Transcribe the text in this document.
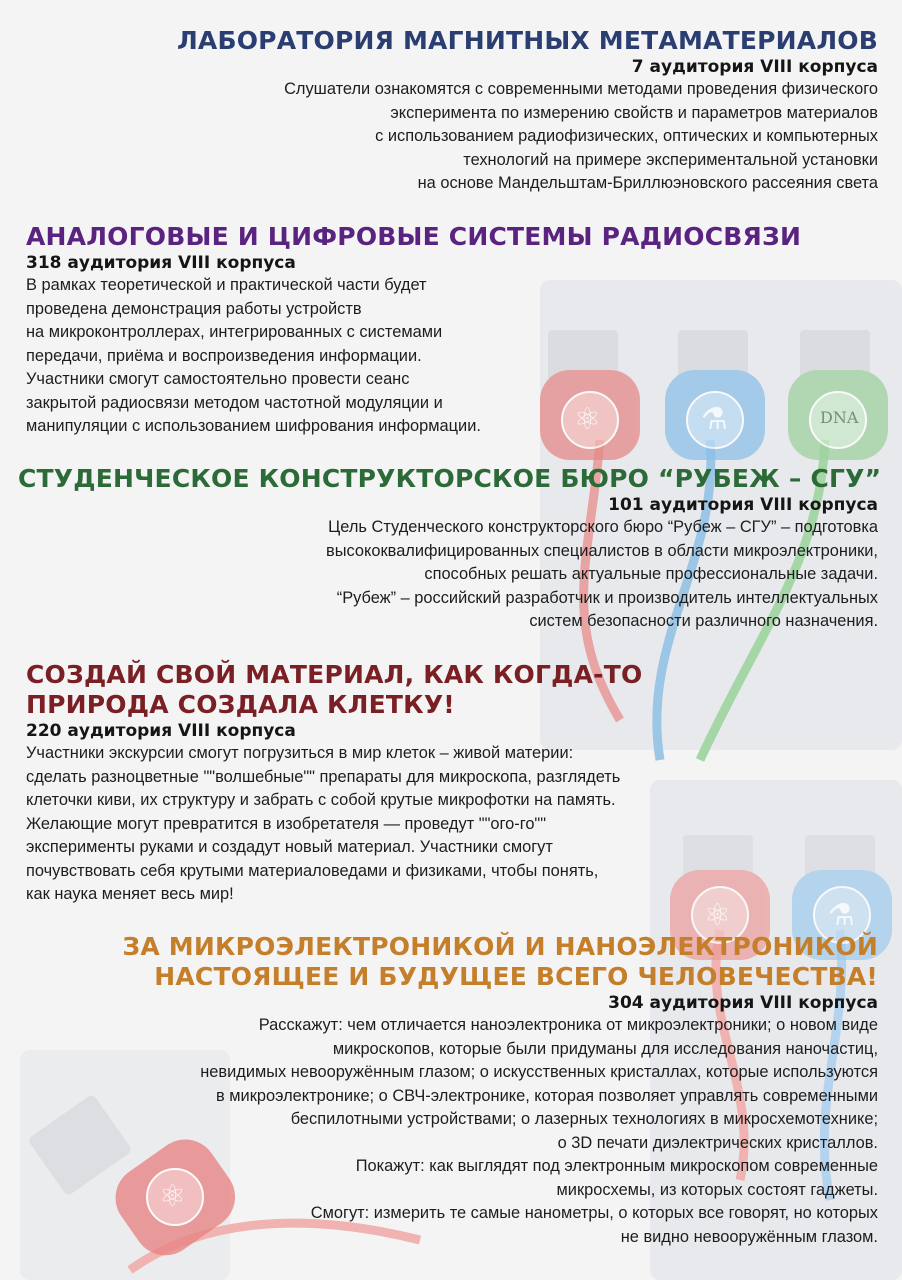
ЛАБОРАТОРИЯ МАГНИТНЫХ МЕТАМАТЕРИАЛОВ

7 аудитория VIII корпуса

Слушатели ознакомятся с современными методами проведения физического
эксперимента по измерению свойств и параметров материалов
с использованием радиофизических, оптических и компьютерных
технологий на примере экспериментальной установки
на основе Мандельштам-Бриллюэновского рассеяния света

АНАЛОГОВЫЕ И ЦИФРОВЫЕ СИСТЕМЫ РАДИОСВЯЗИ

318 аудитория VIII корпуса

В рамках теоретической и практической части будет
проведена демонстрация работы устройств
на микроконтроллерах, интегрированных с системами
передачи, приёма и воспроизведения информации.
Участники смогут самостоятельно провести сеанс
закрытой радиосвязи методом частотной модуляции и
манипуляции с использованием шифрования информации.

СТУДЕНЧЕСКОЕ КОНСТРУКТОРСКОЕ БЮРО “РУБЕЖ – СГУ”

101 аудитория VIII корпуса

Цель Студенческого конструкторского бюро “Рубеж – СГУ” – подготовка
высококвалифицированных специалистов в области микроэлектроники,
способных решать актуальные профессиональные задачи.
“Рубеж” – российский разработчик и производитель интеллектуальных
систем безопасности различного назначения.

СОЗДАЙ СВОЙ МАТЕРИАЛ, КАК КОГДА-ТО
ПРИРОДА СОЗДАЛА КЛЕТКУ!

220 аудитория VIII корпуса

Участники экскурсии смогут погрузиться в мир клеток – живой материи:
сделать разноцветные ""волшебные"" препараты для микроскопа, разглядеть
клеточки киви, их структуру и забрать с собой крутые микрофотки на память.
Желающие могут превратится в изобретателя — проведут ""ого-го""
эксперименты руками и создадут новый материал. Участники смогут
почувствовать себя крутыми материаловедами и физиками, чтобы понять,
как наука меняет весь мир!

ЗА МИКРОЭЛЕКТРОНИКОЙ И НАНОЭЛЕКТРОНИКОЙ
НАСТОЯЩЕЕ И БУДУЩЕЕ ВСЕГО ЧЕЛОВЕЧЕСТВА!

304 аудитория VIII корпуса

Расскажут: чем отличается наноэлектроника от микроэлектроники; о новом виде
микроскопов, которые были придуманы для исследования наночастиц,
невидимых невооружённым глазом; о искусственных кристаллах, которые используются
в микроэлектронике; о СВЧ-электронике, которая позволяет управлять современными
беспилотными устройствами; о лазерных технологиях в микросхемотехнике;
о 3D печати диэлектрических кристаллов.
Покажут: как выглядят под электронным микроскопом современные
микросхемы, из которых состоят гаджеты.
Смогут: измерить те самые нанометры, о которых все говорят, но которых
не видно невооружённым глазом.

⚛	⚗	DNA
⚛	⚗
⚛
